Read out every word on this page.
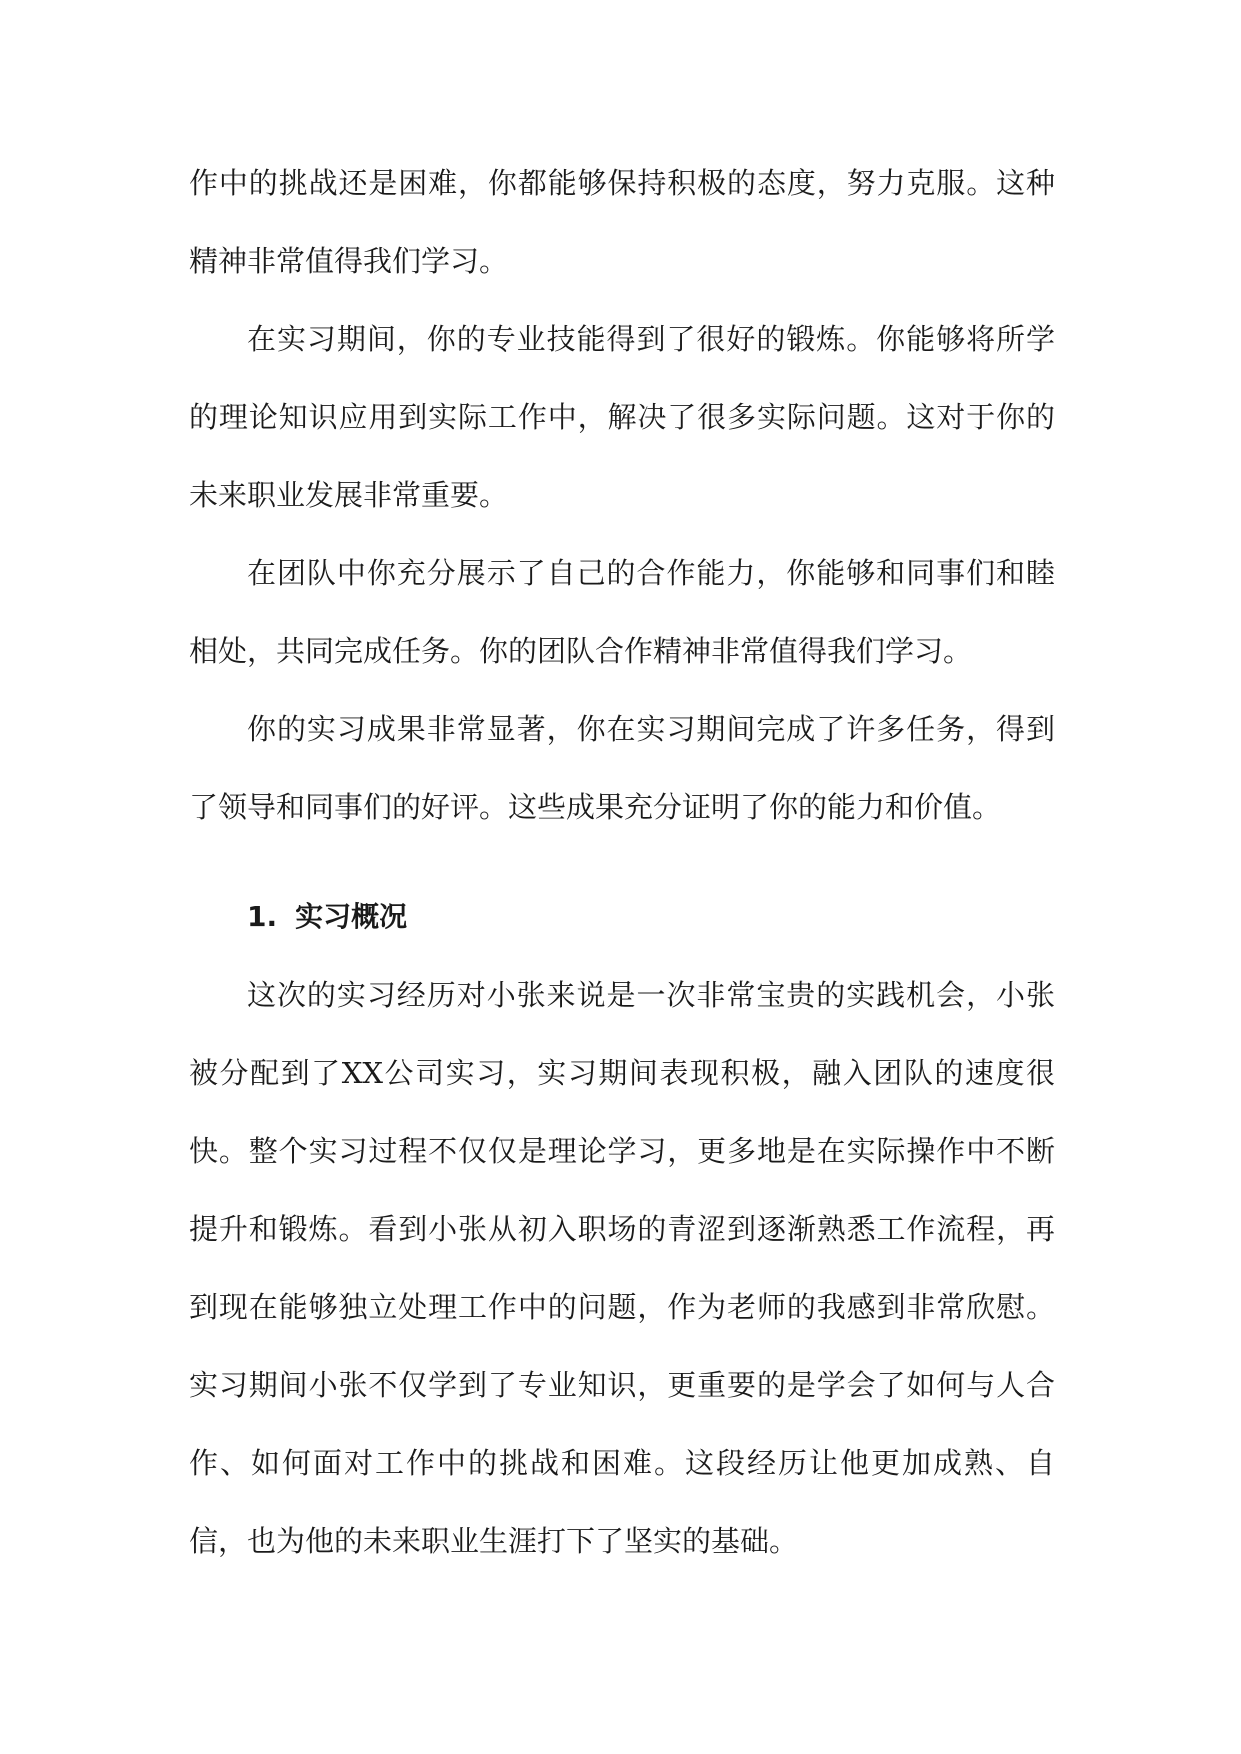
作中的挑战还是困难，你都能够保持积极的态度，努力克服。这种精神非常值得我们学习。

在实习期间，你的专业技能得到了很好的锻炼。你能够将所学的理论知识应用到实际工作中，解决了很多实际问题。这对于你的未来职业发展非常重要。

在团队中你充分展示了自己的合作能力，你能够和同事们和睦相处，共同完成任务。你的团队合作精神非常值得我们学习。

你的实习成果非常显著，你在实习期间完成了许多任务，得到了领导和同事们的好评。这些成果充分证明了你的能力和价值。

1. 实习概况

这次的实习经历对小张来说是一次非常宝贵的实践机会，小张被分配到了XX公司实习，实习期间表现积极，融入团队的速度很快。整个实习过程不仅仅是理论学习，更多地是在实际操作中不断提升和锻炼。看到小张从初入职场的青涩到逐渐熟悉工作流程，再到现在能够独立处理工作中的问题，作为老师的我感到非常欣慰。实习期间小张不仅学到了专业知识，更重要的是学会了如何与人合作、如何面对工作中的挑战和困难。这段经历让他更加成熟、自信，也为他的未来职业生涯打下了坚实的基础。
